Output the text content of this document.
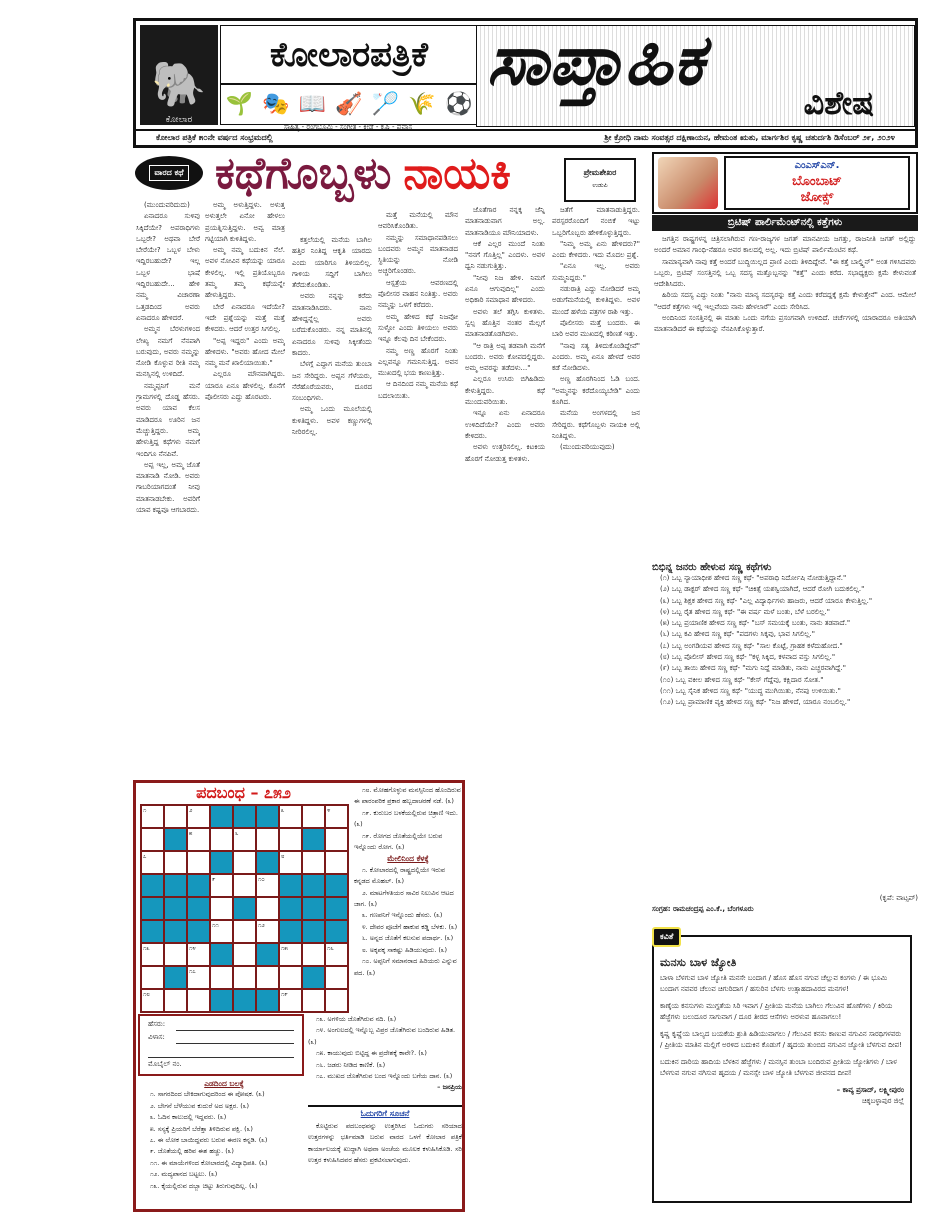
🐘
ಕೋಲಾರ
ಕೋಲಾರಪತ್ರಿಕೆ
🌱 🎭 📖 🎻 🏸 🌾 ⚽
ಸಾಹಿತ್ಯ - ರಂಗಭೂಮಿ - ಸಂಗೀತ - ಕ್ರೀಡೆ - ಕೃಷಿ - ಪ್ರವಾಸ
ಸಾಪ್ತಾಹಿಕ
ವಿಶೇಷ
ಕೋಲಾರ ಪತ್ರಿಕೆ ೫೦ನೇ ವರ್ಷದ ಸಂಭ್ರಮದಲ್ಲಿ	ಶ್ರೀ ಕ್ರೋಧಿ ನಾಮ ಸಂವತ್ಸರ ದಕ್ಷಿಣಾಯನ, ಹೇಮಂತ ಋತು, ಮಾರ್ಗಶಿರ ಕೃಷ್ಣ ಚತುರ್ದಶಿ ಡಿಸೆಂಬರ್ ೨೯, ೨೦೨೪
ವಾರದ ಕಥೆ ಕಥೆಗೊಬ್ಬಳು ನಾಯಕಿ	ಪ್ರೇಮಶೇಖರ
ಉಡುಪಿ

(ಮುಂದುವರಿದುದು)

ಏನಾದರೂ ಸುಳಿವು ಸಿಕ್ಕಿದೆಯೇ? ಅಪರಾಧಿಗಳು ಒಬ್ಬರೇ? ಅಥವಾ ಬೇರೆ ಬೇರೆಯೇ? ಒಬ್ಬಳ ಬೇಳು ಇದ್ದಿರಬಹುದೇ? ಇಲ್ಲ ಒಬ್ಬಳ ಭಾಷೆ ಇದ್ದಿರಬಹುದೇ... ಹೇಳಿ ನಮ್ಮ ವಿಚಾರಣಾ ಒತ್ತಡದಿಂದ ಅವರು ಏನಾದರೂ ಹೇಳಿದರೆ.

ಅಮ್ಮನ ಬೆರಳುಗಳಿಂದ ಲೇಖ್ಯ ನಮಗೆ ನೆನಪಾಗಿ ಬರುವುದು, ಅವರು ನಮ್ಮನ್ನು ನೋಡಿ ಕೊಳ್ಳುವ ರೀತಿ ನಮ್ಮ ಮನಸ್ಸಿನಲ್ಲಿ ಉಳಿದಿದೆ.

ನಮ್ಮಪ್ಪನಿಗೆ ಮನೆ ಗ್ರಾಮಗಳಲ್ಲಿ ದೊಡ್ಡ ಹೆಸರು. ಅವರು ಯಾವ ಕೆಲಸ ಮಾಡಿದರೂ ಊರಿನ ಜನ ಮೆಚ್ಚುತ್ತಿದ್ದರು. ಅಮ್ಮ ಹೇಳುತ್ತಿದ್ದ ಕಥೆಗಳು ನಮಗೆ ಇಂದಿಗೂ ನೆನಪಿವೆ.

ಅಪ್ಪ ಇಲ್ಲ, ಅಮ್ಮ ಜೊತೆ ಮಾತನಾಡಿ ನೋಡಿ. ಅವರು ಗಾಬರಿಯಾಗದಂತೆ ನೀವು ಮಾತನಾಡಬೇಕು. ಅವರಿಗೆ ಯಾವ ಕಷ್ಟವೂ ಆಗಬಾರದು.

ಅಮ್ಮ ಅಳುತ್ತಿದ್ದಳು. ಅಳುತ್ತ ಅಳುತ್ತಲೇ ಏನೋ ಹೇಳಲು ಪ್ರಯತ್ನಿಸುತ್ತಿದ್ದಳು. ಅವ್ವ ಮಾತ್ರ ಗಟ್ಟಿಯಾಗಿ ಕುಳಿತಿದ್ದಳು.

ಅಮ್ಮ ನಮ್ಮ ಬದುಕಿನ ನೆಲೆ. ಅವಳ ನೋವಿನ ಕಥೆಯನ್ನು ಯಾರೂ ಕೇಳಲಿಲ್ಲ. ಇಲ್ಲಿ ಪ್ರತಿಯೊಬ್ಬರೂ ತಮ್ಮ ತಮ್ಮ ಕಥೆಯನ್ನೇ ಹೇಳುತ್ತಿದ್ದರು.

ಬೇರೆ ಏನಾದರೂ ಇದೆಯೇ? ಇದೇ ಪ್ರಶ್ನೆಯನ್ನು ಮತ್ತೆ ಮತ್ತೆ ಕೇಳಿದರು. ಆದರೆ ಉತ್ತರ ಸಿಗಲಿಲ್ಲ.

"ಅಪ್ಪ ಇದ್ದರು" ಎಂದು ಅಮ್ಮ ಹೇಳಿದಳು. "ಅವರು ಹೋದ ಮೇಲೆ ನಮ್ಮ ಮನೆ ಖಾಲಿಯಾಯಿತು."

ಎಲ್ಲರೂ ಮೌನವಾಗಿದ್ದರು. ಯಾರೂ ಏನೂ ಹೇಳಲಿಲ್ಲ. ಕೊನೆಗೆ ಪೊಲೀಸರು ಎದ್ದು ಹೊರಟರು.

ಕತ್ತಲೆಯಲ್ಲಿ ಮನೆಯ ಬಾಗಿಲ ಹತ್ತಿರ ನಿಂತಿದ್ದ ಆಕೃತಿ ಯಾರದು ಎಂದು ಯಾರಿಗೂ ತಿಳಿಯಲಿಲ್ಲ. ಗಾಳಿಯ ಸದ್ದಿಗೆ ಬಾಗಿಲು ತೆರೆದುಕೊಂಡಿತು.

ಅವರು ನನ್ನನ್ನು ಕರೆದು ಮಾತನಾಡಿಸಿದರು. ನಾನು ಹೇಳಿದ್ದನ್ನೆಲ್ಲ ಅವರು ಬರೆದುಕೊಂಡರು. ನನ್ನ ಮಾತಿನಲ್ಲಿ ಏನಾದರೂ ಸುಳಿವು ಸಿಕ್ಕೀತೆಂದು ಕಾದರು.

ಬೆಳಗ್ಗೆ ಎದ್ದಾಗ ಮನೆಯ ತುಂಬಾ ಜನ ಸೇರಿದ್ದರು. ಅಪ್ಪನ ಗೆಳೆಯರು, ನೆರೆಹೊರೆಯವರು, ದೂರದ ಸಂಬಂಧಿಗಳು.

ಅಮ್ಮ ಒಂದು ಮೂಲೆಯಲ್ಲಿ ಕುಳಿತಿದ್ದಳು. ಅವಳ ಕಣ್ಣುಗಳಲ್ಲಿ ನೀರಿರಲಿಲ್ಲ.

ಮತ್ತೆ ಮನೆಯಲ್ಲಿ ಮೌನ ಆವರಿಸಿಕೊಂಡಿತು.

ನಮ್ಮನ್ನು ಸಮಾಧಾನಪಡಿಸಲು ಬಂದವರು ಅಮ್ಮನ ಮಾತನಾಡದ ಸ್ಥಿತಿಯನ್ನು ನೋಡಿ ಅಚ್ಚರಿಗೊಂಡರು.

ಆಸ್ಪತ್ರೆಯ ಆವರಣದಲ್ಲಿ ಪೊಲೀಸರ ವಾಹನ ನಿಂತಿತ್ತು. ಅವರು ನಮ್ಮನ್ನು ಒಳಗೆ ಕರೆದರು.

ಅಮ್ಮ ಹೇಳಿದ ಕಥೆ ನಿಜವೋ ಸುಳ್ಳೋ ಎಂದು ತಿಳಿಯಲು ಅವರು ಇನ್ನೂ ಕೆಲವು ದಿನ ಬೇಕೆಂದರು.

ನಮ್ಮ ಅಣ್ಣ ಹೊರಗೆ ನಿಂತು ಎಲ್ಲವನ್ನೂ ಗಮನಿಸುತ್ತಿದ್ದ. ಅವನ ಮುಖದಲ್ಲಿ ಭಯ ಕಾಣುತ್ತಿತ್ತು.

ಆ ದಿನದಿಂದ ನಮ್ಮ ಮನೆಯ ಕಥೆ ಬದಲಾಯಿತು.

ಜೊತೆಗಾರ ನನ್ನಕ್ಕ ಜೆನ್ನಿ ಮಾತನಾಡುವಾಗ ಅಲ್ಲ. ಮಾತನಾಡಿಯೂ ಮೌನಿಯಾದಳು.

ಆಕೆ ಎಲ್ಲರ ಮುಂದೆ ನಿಂತು "ನನಗೆ ಗೊತ್ತಿಲ್ಲ" ಎಂದಳು. ಅವಳ ಧ್ವನಿ ನಡುಗುತ್ತಿತ್ತು.

"ನೀವು ನಿಜ ಹೇಳಿ. ನಿಮಗೆ ಏನೂ ಆಗುವುದಿಲ್ಲ" ಎಂದು ಅಧಿಕಾರಿ ಸಮಾಧಾನ ಹೇಳಿದರು.

ಅವಳು ತಲೆ ತಗ್ಗಿಸಿ ಕುಳಿತಳು. ಸ್ವಲ್ಪ ಹೊತ್ತಿನ ನಂತರ ಮೆಲ್ಲಗೆ ಮಾತನಾಡತೊಡಗಿದಳು.

"ಆ ರಾತ್ರಿ ಅಪ್ಪ ತಡವಾಗಿ ಮನೆಗೆ ಬಂದರು. ಅವರು ಕೋಪದಲ್ಲಿದ್ದರು. ಅಮ್ಮ ಅವರನ್ನು ತಡೆದಳು..."

ಎಲ್ಲರೂ ಉಸಿರು ಬಿಗಿಹಿಡಿದು ಕೇಳುತ್ತಿದ್ದರು. ಕಥೆ ಮುಂದುವರಿಯಿತು.

ಇನ್ನೂ ಏನು ಏನಾದರೂ ಉಳಿದಿದೆಯೇ? ಎಂದು ಅವರು ಕೇಳಿದರು.

ಅವಳು ಉತ್ತರಿಸಲಿಲ್ಲ. ಕಿಟಕಿಯ ಹೊರಗೆ ನೋಡುತ್ತ ಕುಳಿತಳು.

ಜತೆಗೆ ಮಾತನಾಡುತ್ತಿದ್ದರು. ಪರಸ್ಪರರೊಂದಿಗೆ ನಂಬಿಕೆ ಇಟ್ಟು ಒಬ್ಬರಿಗೊಬ್ಬರು ಹೇಳಿಕೊಳ್ಳುತ್ತಿದ್ದರು.

"ನಿಮ್ಮ ಅಮ್ಮ ಏನು ಹೇಳಿದರು?" ಎಂದು ಕೇಳಿದರು. ಇದು ಮೊದಲ ಪ್ರಶ್ನೆ.

"ಏನೂ ಇಲ್ಲ. ಅವರು ಸುಮ್ಮನಿದ್ದರು."

ನಡುರಾತ್ರಿ ಎದ್ದು ನೋಡಿದರೆ ಅಮ್ಮ ಅಡುಗೆಮನೆಯಲ್ಲಿ ಕುಳಿತಿದ್ದಳು. ಅವಳ ಮುಂದೆ ಹಳೆಯ ಪತ್ರಗಳ ರಾಶಿ ಇತ್ತು.

ಪೊಲೀಸರು ಮತ್ತೆ ಬಂದರು. ಈ ಬಾರಿ ಅವರ ಮುಖದಲ್ಲಿ ಕಠಿಣತೆ ಇತ್ತು.

"ನಾವು ಸತ್ಯ ತಿಳಿದುಕೊಂಡಿದ್ದೇವೆ" ಎಂದರು. ಅಮ್ಮ ಏನೂ ಹೇಳದೆ ಅವರ ಕಡೆ ನೋಡಿದಳು.

ಅಣ್ಣ ಹೊರಗಿನಿಂದ ಓಡಿ ಬಂದ. "ಅಮ್ಮನನ್ನು ಕರೆದೊಯ್ಯಬೇಡಿ" ಎಂದು ಕೂಗಿದ.

ಮನೆಯ ಅಂಗಳದಲ್ಲಿ ಜನ ಸೇರಿದ್ದರು. ಕಥೆಗೊಬ್ಬಳು ನಾಯಕಿ ಅಲ್ಲಿ ನಿಂತಿದ್ದಳು.

(ಮುಂದುವರಿಯುವುದು)

ಎಂಎಸ್‌ಎನ್.
ಬೊಂಬಾಟ್
ಜೋಕ್ಸ್
ಬ್ರಿಟಿಷ್ ಪಾರ್ಲಿಮೆಂಟ್‌ನಲ್ಲಿ ಕತ್ತೆಗಳು

ಜಗತ್ತಿನ ರಾಷ್ಟ್ರಗಳನ್ನ ಚಿತ್ರಿಸಲಾಗಿರುವ ಗಣ-ರಾಜ್ಯಗಳ ಜಗತ್ ಮಾನವೀಯ ಜಗತ್ತು, ರಾಜನೀತಿ ಜಗತ್ ಅಲ್ಲಿದ್ದು ಅಂದರೆ ಅಮಾನ ಗಾಂಧಿ-ನೆಹರೂ ಅವರ ಕಾಲದಲ್ಲಿ ಅಲ್ಲ. ಇದು ಬ್ರಿಟಿಷ್ ಪಾರ್ಲಿಮೆಂಟಿನ ಕಥೆ.

ಸಾಮಾನ್ಯವಾಗಿ ನಾವು ಕತ್ತೆ ಅಂದರೆ ಬುದ್ಧಿಯಿಲ್ಲದ ಪ್ರಾಣಿ ಎಂದು ತಿಳಿದಿದ್ದೇವೆ. "ಈ ಕತ್ತೆ ಬಾಲ್ಡ್ವಿನ್" ಅಂತ ಗಳಿಸಿದವರು ಒಬ್ಬರು, ಬ್ರಿಟಿಷ್ ಸಂಸತ್ತಿನಲ್ಲಿ ಒಬ್ಬ ಸದಸ್ಯ ಮತ್ತೊಬ್ಬನನ್ನು "ಕತ್ತೆ" ಎಂದು ಕರೆದ. ಸಭಾಧ್ಯಕ್ಷರು ಕ್ಷಮೆ ಕೇಳುವಂತೆ ಆದೇಶಿಸಿದರು.

ಹಿರಿಯ ಸದಸ್ಯ ಎದ್ದು ನಿಂತು "ನಾನು ಮಾನ್ಯ ಸದಸ್ಯರನ್ನು ಕತ್ತೆ ಎಂದು ಕರೆದದ್ದಕ್ಕೆ ಕ್ಷಮೆ ಕೇಳುತ್ತೇನೆ" ಎಂದ. ಆಮೇಲೆ "ಆದರೆ ಕತ್ತೆಗಳು ಇಲ್ಲಿ ಇಲ್ಲವೆಂದು ನಾನು ಹೇಳಲಾರೆ" ಎಂದು ಸೇರಿಸಿದ.

ಅಂದಿನಿಂದ ಸಂಸತ್ತಿನಲ್ಲಿ ಈ ಮಾತು ಒಂದು ನಗೆಯ ಪ್ರಸಂಗವಾಗಿ ಉಳಿದಿದೆ. ಚರ್ಚೆಗಳಲ್ಲಿ ಯಾರಾದರೂ ಅತಿಯಾಗಿ ಮಾತನಾಡಿದರೆ ಈ ಕಥೆಯನ್ನು ನೆನಪಿಸಿಕೊಳ್ಳುತ್ತಾರೆ.

ಬಿಭಿನ್ನ ಜನರು ಹೇಳುವ ಸಣ್ಣ ಕಥೆಗಳು

(೧) ಒಬ್ಬ ನ್ಯಾಯಾಧೀಶ ಹೇಳಿದ ಸಣ್ಣ ಕಥೆ- "ಅಪರಾಧಿ ನಿರ್ದೋಷಿ ನೋಡುತ್ತಿದ್ದಾನೆ."

(೨) ಒಬ್ಬ ಡಾಕ್ಟರ್ ಹೇಳಿದ ಸಣ್ಣ ಕಥೆ- "ಚಿಕಿತ್ಸೆ ಯಶಸ್ವಿಯಾಗಿದೆ, ಆದರೆ ರೋಗಿ ಬದುಕಲಿಲ್ಲ."

(೩) ಒಬ್ಬ ಶಿಕ್ಷಕ ಹೇಳಿದ ಸಣ್ಣ ಕಥೆ- "ಎಲ್ಲ ವಿದ್ಯಾರ್ಥಿಗಳು ಹಾಜರು, ಆದರೆ ಯಾರೂ ಕೇಳುತ್ತಿಲ್ಲ."

(೪) ಒಬ್ಬ ರೈತ ಹೇಳಿದ ಸಣ್ಣ ಕಥೆ- "ಈ ವರ್ಷ ಮಳೆ ಬಂತು, ಬೆಳೆ ಬರಲಿಲ್ಲ."

(೫) ಒಬ್ಬ ಪ್ರಯಾಣಿಕ ಹೇಳಿದ ಸಣ್ಣ ಕಥೆ- "ಬಸ್ ಸಮಯಕ್ಕೆ ಬಂತು, ನಾನು ತಡವಾದೆ."

(೬) ಒಬ್ಬ ಕವಿ ಹೇಳಿದ ಸಣ್ಣ ಕಥೆ- "ಪದಗಳು ಸಿಕ್ಕವು, ಭಾವ ಸಿಗಲಿಲ್ಲ."

(೭) ಒಬ್ಬ ಅಂಗಡಿಯವ ಹೇಳಿದ ಸಣ್ಣ ಕಥೆ- "ಸಾಲ ಕೊಟ್ಟೆ, ಗ್ರಾಹಕ ಕಳೆದುಹೋದ."

(೮) ಒಬ್ಬ ಪೊಲೀಸ್ ಹೇಳಿದ ಸಣ್ಣ ಕಥೆ- "ಕಳ್ಳ ಸಿಕ್ಕಿದ, ಕಳವಾದ ವಸ್ತು ಸಿಗಲಿಲ್ಲ."

(೯) ಒಬ್ಬ ತಾಯಿ ಹೇಳಿದ ಸಣ್ಣ ಕಥೆ- "ಮಗು ನಿದ್ದೆ ಮಾಡಿತು, ನಾನು ಎಚ್ಚರವಾಗಿದ್ದೆ."

(೧೦) ಒಬ್ಬ ವಕೀಲ ಹೇಳಿದ ಸಣ್ಣ ಕಥೆ- "ಕೇಸ್ ಗೆದ್ದೆವು, ಕಕ್ಷಿದಾರ ಸೋತ."

(೧೧) ಒಬ್ಬ ಸೈನಿಕ ಹೇಳಿದ ಸಣ್ಣ ಕಥೆ- "ಯುದ್ಧ ಮುಗಿಯಿತು, ನೆನಪು ಉಳಿಯಿತು."

(೧೨) ಒಬ್ಬ ಪ್ರಾಮಾಣಿಕ ವ್ಯಕ್ತಿ ಹೇಳಿದ ಸಣ್ಣ ಕಥೆ- "ನಿಜ ಹೇಳಿದೆ, ಯಾರೂ ನಂಬಲಿಲ್ಲ."

(ಕೃಪೆ: ವಾಟ್ಸಪ್)
ಸಂಗ್ರಹ: ರಾಮಚಂದ್ರಪ್ಪ ಎಂ.ಕೆ., ಬೆಂಗಳೂರು
ಕವಿತೆ
ಮನಸು ಬಾಳ ಜ್ಯೋತಿ

ಬಾಳಾ ಬೆಳಗುವ ಬಾಳ ಜ್ಯೋತಿ ಮನಸೇ ಬಂದಾಗ / ಹೊಸ ಹೊಸ ನಗುವ ಚೆಲ್ಲುವ ಕಂಗಳು / ಈ ಭೂಮಿ ಬಂದಾಗ ನವವರ ಚೆಲುವ ಚಿಗುರಿದಾಗ / ಹಸುರಿನ ಬೆಳಗು ಉತ್ಸಾಹದಾವಿರದ ಮನಗಳ!

ಕಾಣ್ಕೆಯ ಕನಸುಗಳು ಮುಗ್ದತೆಯ ಸಿರಿ ಇವಾಗ / ಪ್ರೀತಿಯ ಮನೆಯ ಬಾಗಿಲು ಗೆಲುವಿನ ಹೊಣೆಗಳು / ಕಿರಿಯ ಹೆಜ್ಜೆಗಳು ಬಲುದೂರ ಸಾಗುವಾಗ / ದೂರ ತೀರದ ಆಸೆಗಳು ಅರಳುವ ಹೂವಾಗಲು!

ಕೃಷ್ಣ ಕೃಷ್ಣೆಯ ಬಾಲ್ಯದ ಬಯಕೆಯ ಶ್ರುತಿ ಹಿಡಿಯುವಾಗಲು / ಗೆಲುವಿನ ಕನಸು ಕಾಣುವ ನಗುವಿನ ಸಾರಥಿಗಳವರು / ಪ್ರೀತಿಯ ಮಾತಿನ ಮಲ್ಲಿಗೆ ಅರಳಿದ ಬದುಕಿನ ಕೊಡುಗೆ / ಹೃದಯ ತುಂಬಿದ ನಗುವಿನ ಜ್ಯೋತಿ ಬೆಳಗುವ ದೀಪ!

ಬದುಕಿನ ದಾರಿಯ ಹಾದಿಯ ಬೆಳಕಿನ ಹೆಜ್ಜೆಗಳು / ಮನಸ್ಸಿನ ತುಂಬಾ ಬಂದಿರುವ ಪ್ರೀತಿಯ ಜ್ಯೋತಿಗಳು / ಬಾಳ ಬೆಳಗುವ ನಗುವ ನಗಿಸುವ ಹೃದಯ / ಮನಸ್ಸೇ ಬಾಳ ಜ್ಯೋತಿ ಬೆಳಗುವ ಜೀವನದ ದೀಪ!

– ಕಾವ್ಯ ಪ್ರಸಾದ್, ಲಕ್ಷ್ಮೀಪುರಂ
ಚಿಕ್ಕಬಳ್ಳಾಪುರ ಜಿಲ್ಲೆ
ಪದಬಂಧ – ೭೫೨
೧	೨	೩	೪
೫	೬
೭	೮
೯	೧೦
೧೧	೧೨
೧೩	೧೪	೧೫	೧೬
೧೭
೧೮	೧೯

೧೮. ಮೋಹಗೊಳ್ಳುವ ಮನಸ್ಸಿನಿಂದ ಹೊಂದಿರುವ ಈ ಪಾರಂಪರಿಕ ಪ್ರಕಾರ ಹಬ್ಬದಾಚರಣೆ ನಡೆ. (೩)

೧೯. ಕುರುಬರ ಬಳಕೆಯಲ್ಲಿರುವ ಚಿತ್ರಾಣಿ ಇದು. (೩)

೧೯. ರೋಗದ ಜೊತೆಯಲ್ಲಿಯೇ ಬರುವ ಇನ್ನೊಂದು ರೋಗ. (೩)

ಮೇಲಿನಿಂದ ಕೆಳಕ್ಕೆ

೧. ಕೋಲಾರದಲ್ಲಿ ರಾಷ್ಟ್ರದಲ್ಲಿಯೇ ಇರುವ ಕನ್ನಡದ ಮೊಹಲ್. (೩)

೨. ಮಾಟಗೆಳತಿಯರ ಸಾವಿರ ನಿಲುವಿನ ಆಟದ ಜಾಗ. (೩)

೩. ಗಣಪನಿಗೆ ಇನ್ನೊಂದು ಹೆಸರು. (೩)

೪. ದೇವರ ಪೂಜೆಗೆ ಹಾಕುವ ಕಡ್ಡಿ ಬೆಳಕು. (೩)

೬. ಅನ್ನದ ಜೊತೆಗೆ ಕಲಸುವ ಪದಾರ್ಥ. (೩)

೮. ಅಕ್ಕಪಕ್ಕ ಸಾಕಷ್ಟು ಹಿಡಿಯುವುದು. (೩)

೧೦. ಅಪ್ಪನಿಗೆ ಸಮಾನರಾದ ಹಿರಿಯರು ಎನ್ನುವ ಪದ. (೩)

ಹೆಸರು:
ವಿಳಾಸ:
ಮೊಬೈಲ್ ನಂ.
ಎಡದಿಂದ ಬಲಕ್ಕೆ

೧. ಸಾಗರದಿಂದ ಬೇಕಿದಾಗುವುದರಿಂದ ಈ ಪೋಷಕ. (೩)

೨. ಬೇಗನೆ ಬೆಳೆಯುವ ಕುದುರೆ ಅದ ಅಕ್ಷರ. (೩)

೩. ಓದಿನ ಕಾಲುದಲ್ಲಿ ಇದ್ದವರು. (೩)

೫. ಸಸ್ಯಕ್ಕೆ ಪ್ರಿಯರಿಗೆ ಬೆರೆತ್ತಾ ತಿಳಿದಿರುವ ಪಕ್ಷಿ. (೩)

೭. ಈ ಲೋಕ ಬಾಯಿದ್ದವರು ಬರುವ ಈರಣ ಕನ್ನಡಿ. (೩)

೯. ಜೊತೆಯಲ್ಲಿ ಹರಿವ ಈಶ ಹಚ್ಚು. (೩)

೧೧. ಈ ಮಾಯೆಗಳಿಂದ ಕೋಲಾರದಲ್ಲಿ ವಿದ್ಯಾಧಿಪತಿ. (೩)

೧೨. ಮದ್ಯಪಾನದ ಬಟ್ಟಲು. (೩)

೧೩. ಕೈಯಲ್ಲಿರುವ ದಬ್ಬಾ ಚಿಟ್ಟು ತಿರುಗುವುದಿಲ್ಲ. (೩)

೧೩. ಅಗಳಿಯ ಜೊತೆಗಿರುವ ನದಿ. (೩)

೧೪. ಅಂಗುಲದಲ್ಲಿ ಇನ್ನೊಬ್ಬ ವಿಪ್ರರ ಜೊತೆಗಿರುವ ಬಂದಿರುವ ಹಿಡಿತ. (೩)

೧೫. ಕಾಯುವುದು ಬಿಟ್ಟಿದ್ದ ಈ ಪ್ರದೇಶಕ್ಕೆ ಕಾವೇ?. (೩)

೧೬. ಜಡರು ನೀಡಿದ ಕಾಣಿಕೆ. (೩)

೧೭. ಮುಖದ ಜೊತೆಗಿರುವ ಬಂದ ಇನ್ನೊಂದು ಬಗೆಯ ದಾನ. (೩)

– ಜನಪ್ರಿಯ
ಓದುಗರಿಗೆ ಸೂಚನೆ
ಕೊಟ್ಟಿರುವ ಪದಬಂಧವನ್ನು ಉತ್ತರಿಸಿದ ಓದುಗರು ಸರಿಯಾದ ಉತ್ತರಗಳನ್ನು ಭರ್ತಿಮಾಡಿ ಬರುವ ವಾರದ ಒಳಗೆ ಕೋಲಾರ ಪತ್ರಿಕೆ ಕಾರ್ಯಾಲಯಕ್ಕೆ ಖುದ್ದಾಗಿ ಅಥವಾ ಅಂಚೆಯ ಮೂಲಕ ಕಳುಹಿಸಿಕೊಡಿ. ಸರಿ ಉತ್ತರ ಕಳುಹಿಸಿದವರ ಹೆಸರು ಪ್ರಕಟಿಸಲಾಗುವುದು.
